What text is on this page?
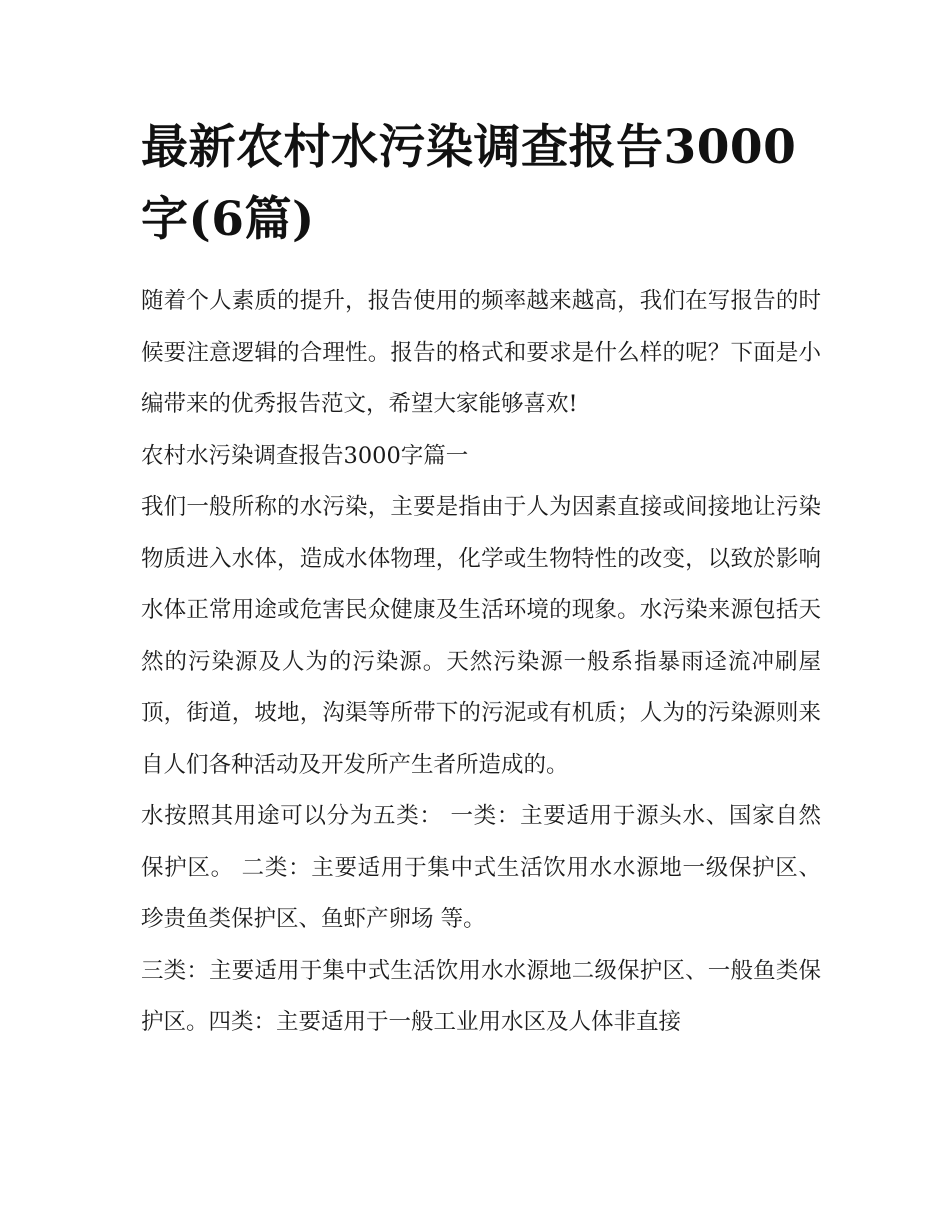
最新农村水污染调查报告3000字(6篇)

随着个人素质的提升，报告使用的频率越来越高，我们在写报告的时候要注意逻辑的合理性。报告的格式和要求是什么样的呢？下面是小编带来的优秀报告范文，希望大家能够喜欢!

农村水污染调查报告3000字篇一

我们一般所称的水污染，主要是指由于人为因素直接或间接地让污染物质进入水体，造成水体物理，化学或生物特性的改变，以致於影响水体正常用途或危害民众健康及生活环境的现象。水污染来源包括天然的污染源及人为的污染源。天然污染源一般系指暴雨迳流冲刷屋顶，街道，坡地，沟渠等所带下的污泥或有机质；人为的污染源则来自人们各种活动及开发所产生者所造成的。

水按照其用途可以分为五类： 一类：主要适用于源头水、国家自然保护区。 二类：主要适用于集中式生活饮用水水源地一级保护区、珍贵鱼类保护区、鱼虾产卵场 等。

三类：主要适用于集中式生活饮用水水源地二级保护区、一般鱼类保护区。四类：主要适用于一般工业用水区及人体非直接
